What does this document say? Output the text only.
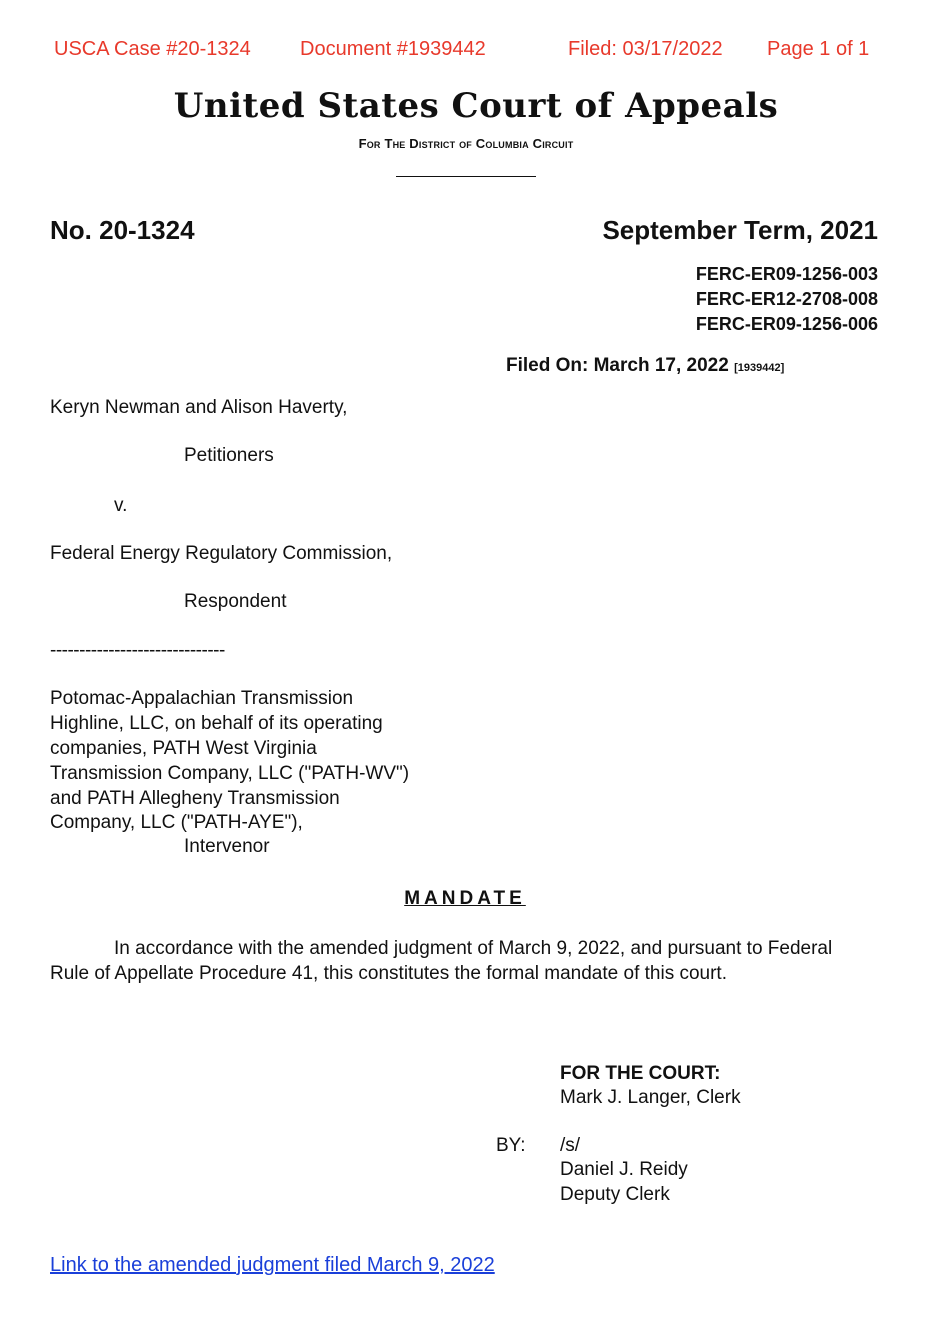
USCA Case #20-1324 Document #1939442	Filed: 03/17/2022 Page 1 of 1
United States Court of Appeals
For The District of Columbia Circuit
No. 20-1324	September Term, 2021
FERC-ER09-1256-003
FERC-ER12-2708-008
FERC-ER09-1256-006
Filed On: March 17, 2022 [1939442]
Keryn Newman and Alison Haverty,
Petitioners
v.
Federal Energy Regulatory Commission,
Respondent
------------------------------
Potomac-Appalachian Transmission
Highline, LLC, on behalf of its operating
companies, PATH West Virginia
Transmission Company, LLC ("PATH-WV")
and PATH Allegheny Transmission
Company, LLC ("PATH-AYE"),
Intervenor
MANDATE
In accordance with the amended judgment of March 9, 2022, and pursuant to Federal Rule of Appellate Procedure 41, this constitutes the formal mandate of this court.
FOR THE COURT:
Mark J. Langer, Clerk
BY: /s/
Daniel J. Reidy
Deputy Clerk
Link to the amended judgment filed March 9, 2022
